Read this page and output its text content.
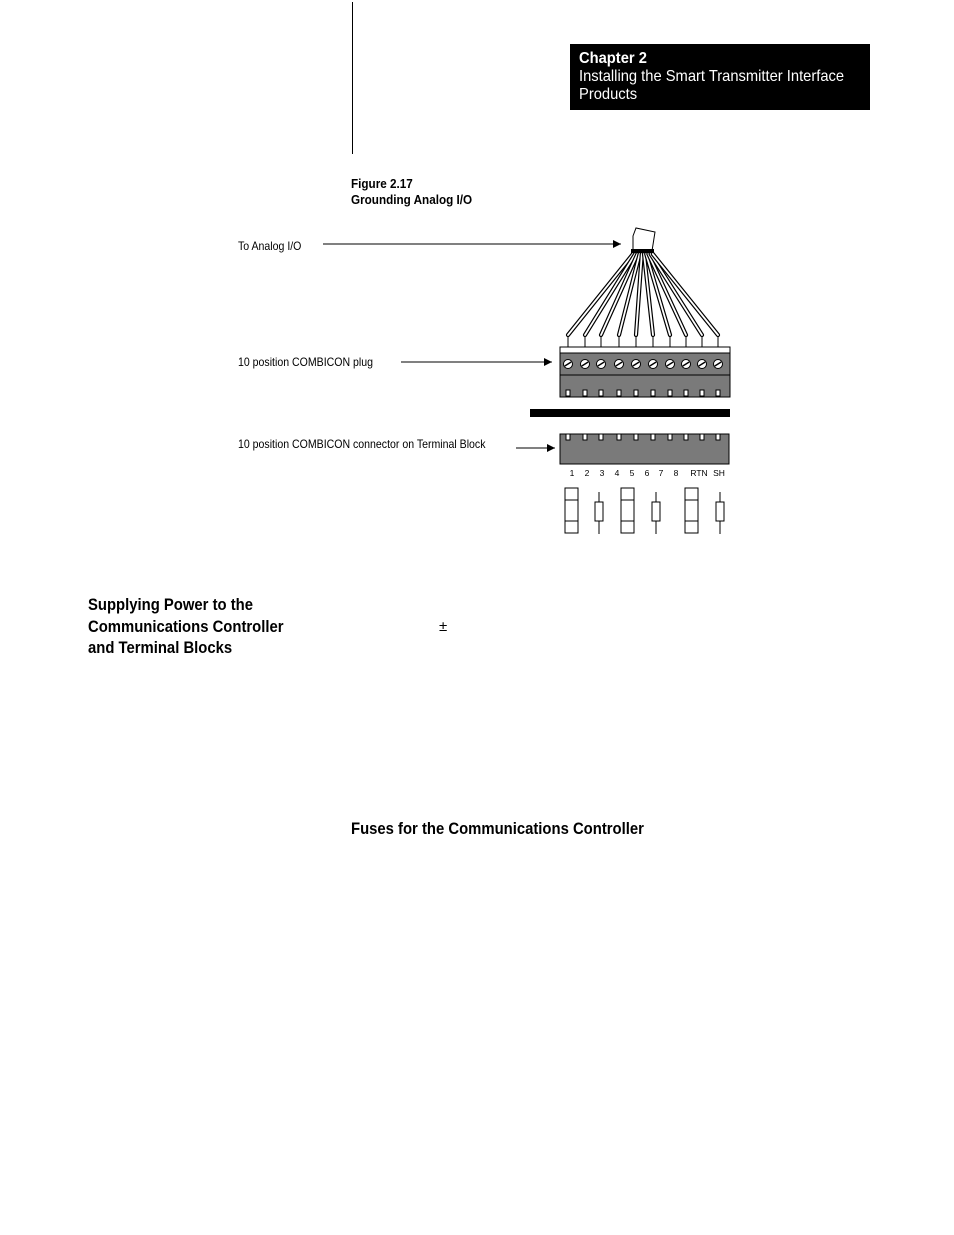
Chapter 2
Installing the Smart Transmitter Interface
Products
Figure 2.17
Grounding Analog I/O
To Analog I/O
10 position COMBICON plug
10 position COMBICON connector on Terminal Block
1 2 3 4 5 6 7 8 RTN SH
Supplying Power to the
Communications Controller
and Terminal Blocks
±
Fuses for the Communications Controller
